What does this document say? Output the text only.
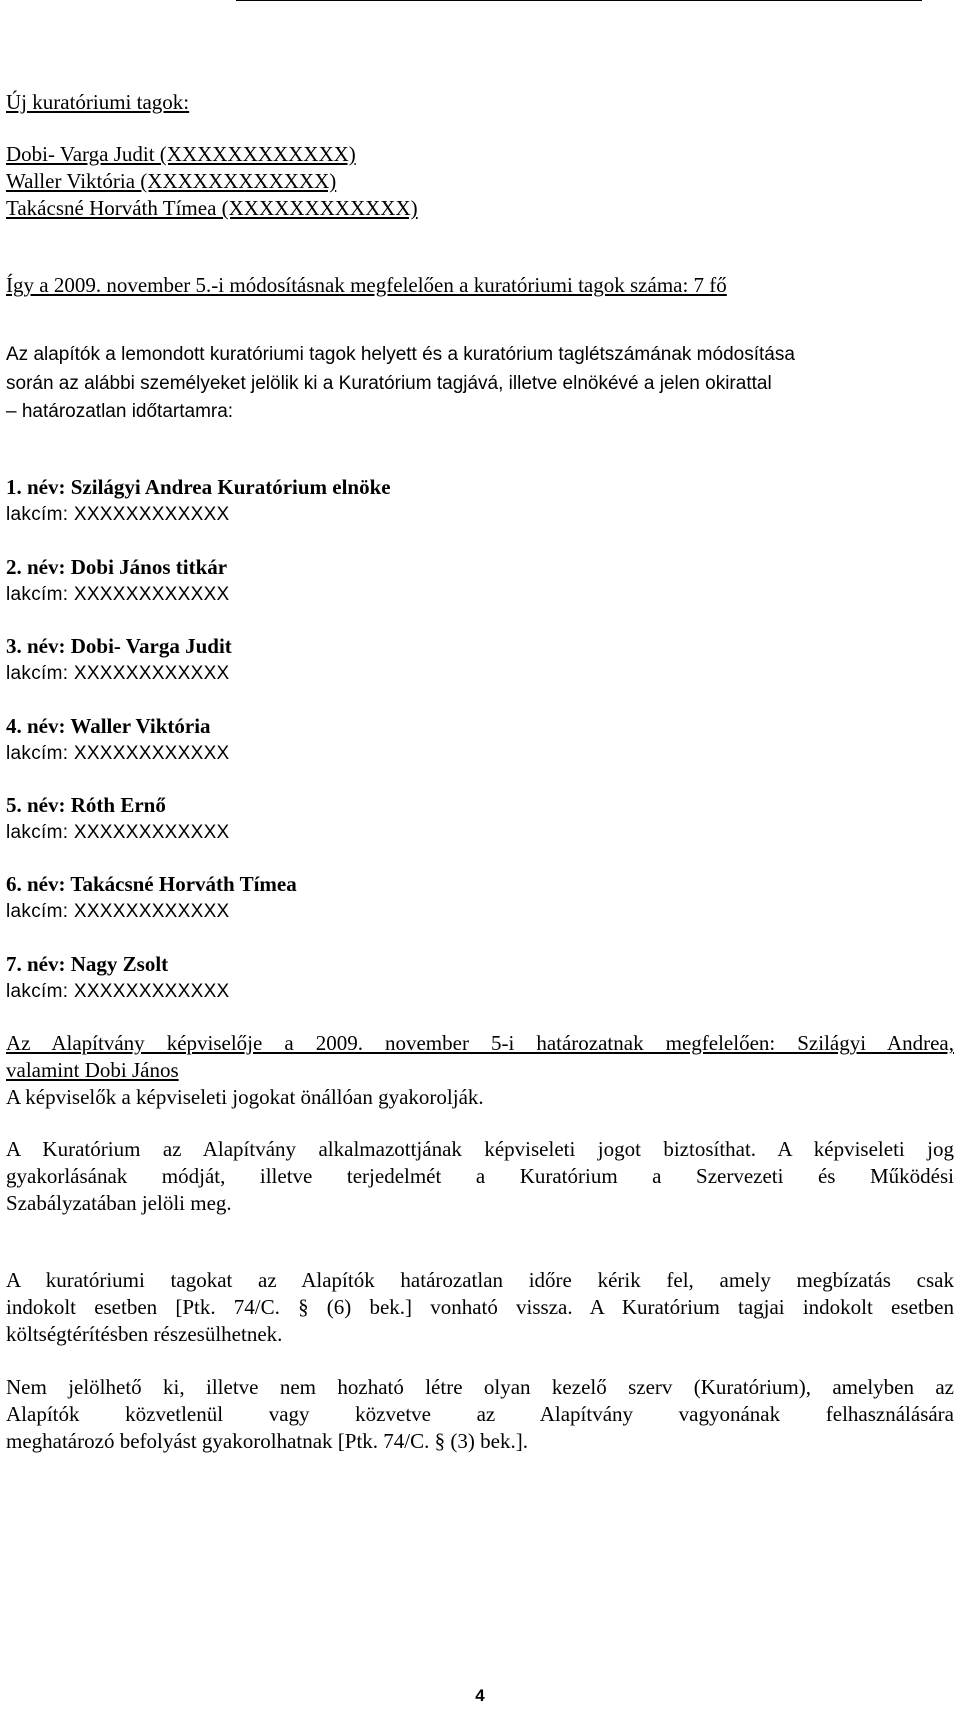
Új kuratóriumi tagok:

Dobi- Varga Judit (XXXXXXXXXXXX)
Waller Viktória (XXXXXXXXXXXX)
Takácsné Horváth Tímea (XXXXXXXXXXXX)

Így a 2009. november 5.-i módosításnak megfelelően a kuratóriumi tagok száma: 7 fő

Az alapítók a lemondott kuratóriumi tagok helyett és a kuratórium taglétszámának módosítása
során az alábbi személyeket jelölik ki a Kuratórium tagjává, illetve elnökévé a jelen okirattal
– határozatlan időtartamra:
1. név: Szilágyi Andrea Kuratórium elnöke
lakcím: XXXXXXXXXXXX
2. név: Dobi János titkár
lakcím: XXXXXXXXXXXX
3. név: Dobi- Varga Judit
lakcím: XXXXXXXXXXXX
4. név: Waller Viktória
lakcím: XXXXXXXXXXXX
5. név: Róth Ernő
lakcím: XXXXXXXXXXXX
6. név: Takácsné Horváth Tímea
lakcím: XXXXXXXXXXXX
7. név: Nagy Zsolt
lakcím: XXXXXXXXXXXX
Az Alapítvány képviselője a 2009. november 5-i határozatnak megfelelően: Szilágyi Andrea,
valamint Dobi János
A képviselők a képviseleti jogokat önállóan gyakorolják.
A Kuratórium az Alapítvány alkalmazottjának képviseleti jogot biztosíthat. A képviseleti jog
gyakorlásának módját, illetve terjedelmét a Kuratórium a Szervezeti és Működési
Szabályzatában jelöli meg.
A kuratóriumi tagokat az Alapítók határozatlan időre kérik fel, amely megbízatás csak
indokolt esetben [Ptk. 74/C. § (6) bek.] vonható vissza. A Kuratórium tagjai indokolt esetben
költségtérítésben részesülhetnek.
Nem jelölhető ki, illetve nem hozható létre olyan kezelő szerv (Kuratórium), amelyben az
Alapítók közvetlenül vagy közvetve az Alapítvány vagyonának felhasználására
meghatározó befolyást gyakorolhatnak [Ptk. 74/C. § (3) bek.].
4
